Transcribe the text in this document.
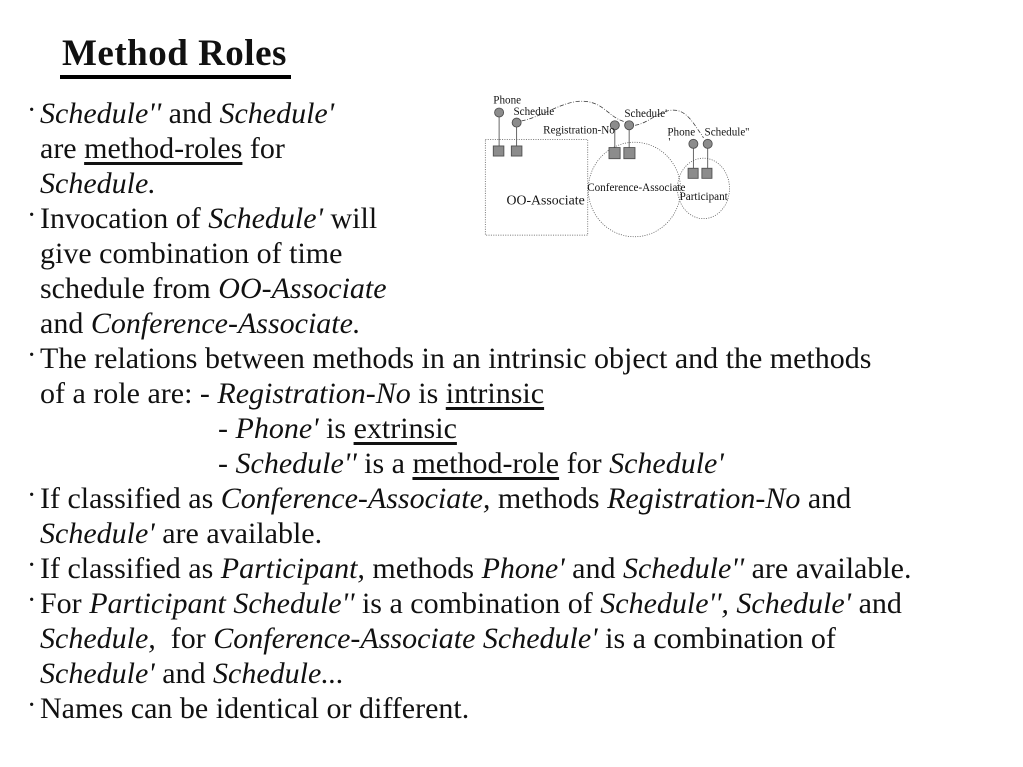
Method Roles
· Schedule'' and Schedule'
are method-roles for
Schedule.
· Invocation of Schedule' will
give combination of time
schedule from OO-Associate
and Conference-Associate.
· The relations between methods in an intrinsic object and the methods
of a role are: - Registration-No is intrinsic
- Phone' is extrinsic
- Schedule'' is a method-role for Schedule'
· If classified as Conference-Associate, methods Registration-No and
Schedule' are available.
· If classified as Participant, methods Phone' and Schedule'' are available.
· For Participant Schedule'' is a combination of Schedule'', Schedule' and
Schedule,  for Conference-Associate Schedule' is a combination of
Schedule' and Schedule...
· Names can be identical or different.
Phone
Schedule
Registration-No
Schedule'
Phone
'
Schedule''
OO-Associate
Conference-Associate
Participant
